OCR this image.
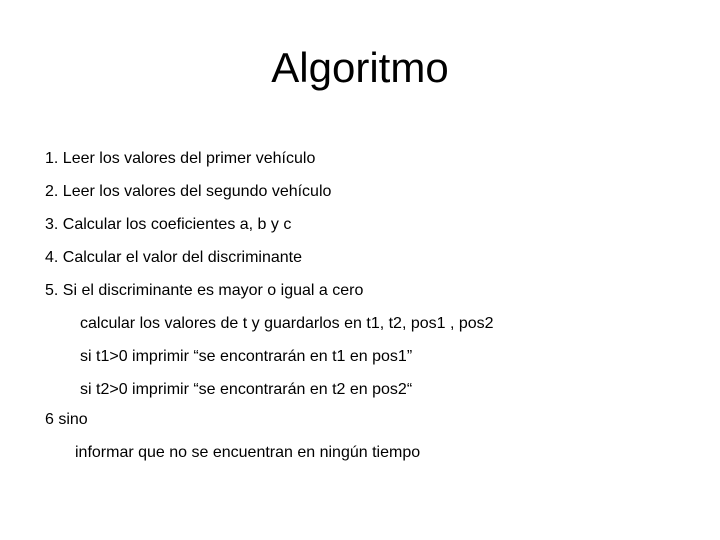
Algoritmo
1. Leer los valores del primer vehículo
2. Leer los valores del segundo vehículo
3. Calcular los coeficientes a, b y c
4. Calcular el valor del discriminante
5. Si el discriminante es mayor o igual a cero
calcular los valores de t y guardarlos en t1, t2, pos1 , pos2
si t1>0 imprimir “se encontrarán en t1 en pos1”
si t2>0 imprimir “se encontrarán en t2 en pos2“
6 sino
informar que no se encuentran en ningún tiempo
